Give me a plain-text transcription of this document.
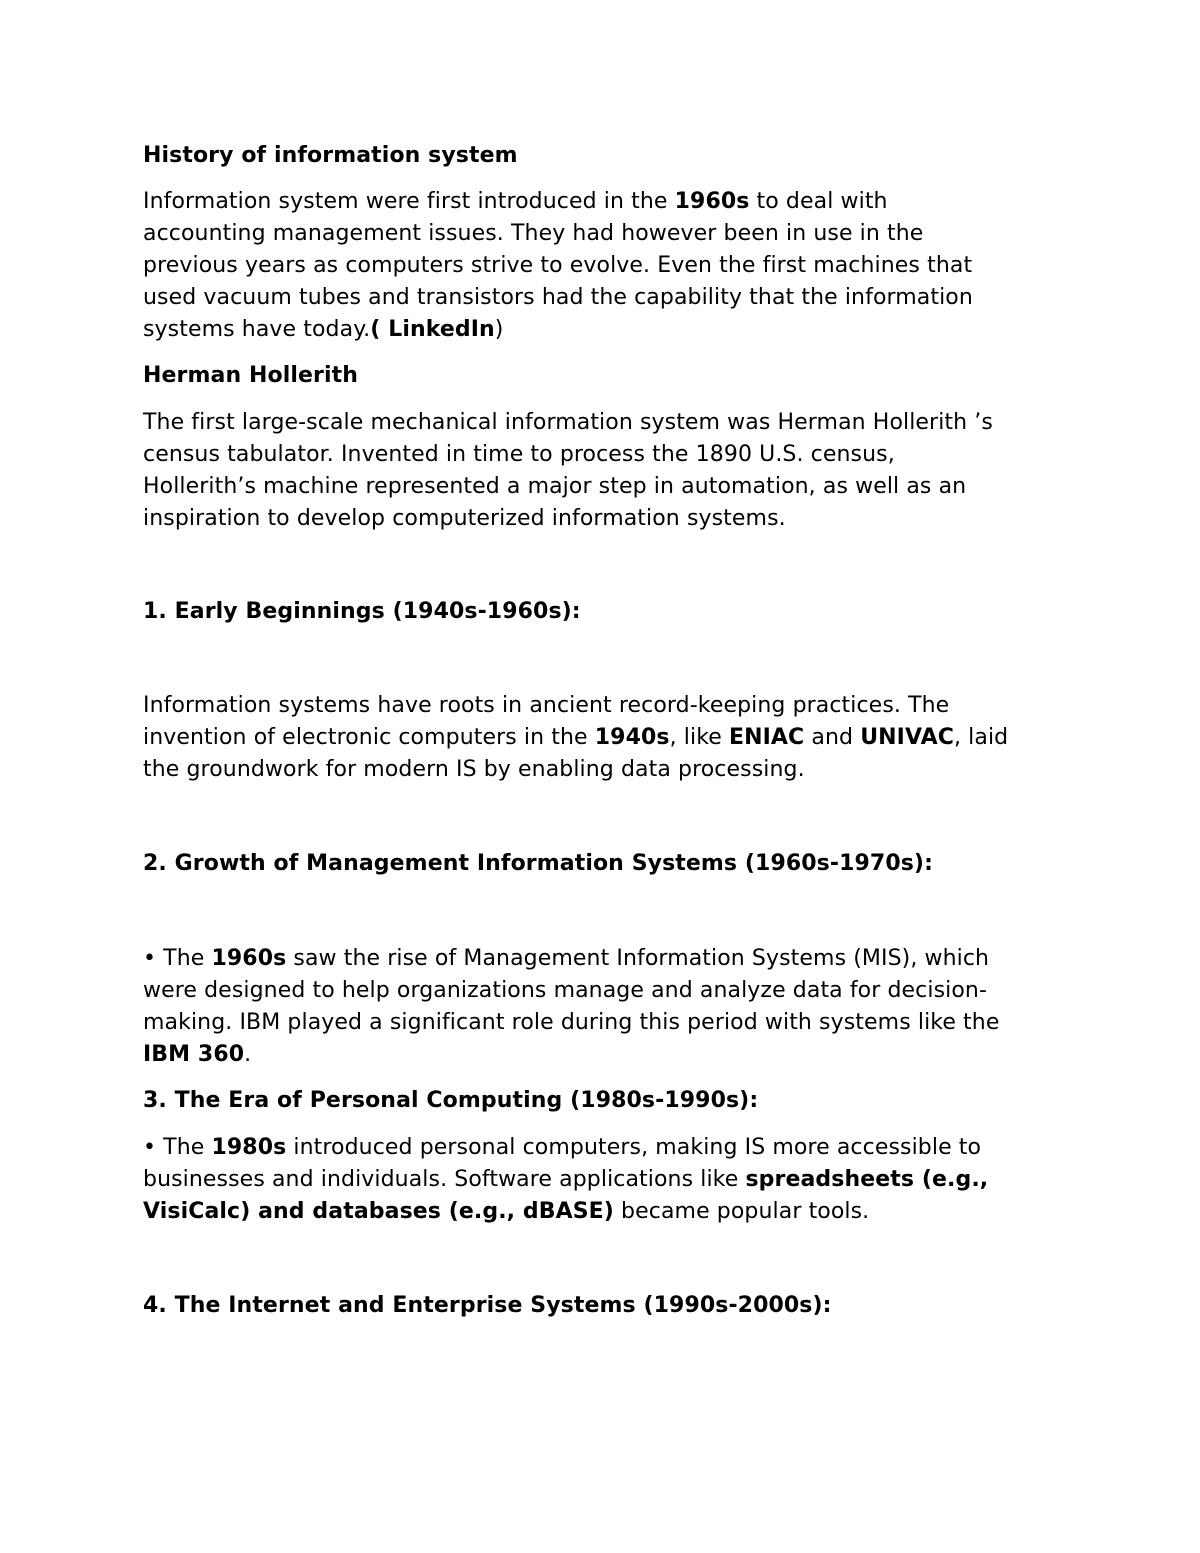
History of information system
Information system were first introduced in the 1960s to deal with
accounting management issues. They had however been in use in the
previous years as computers strive to evolve. Even the first machines that
used vacuum tubes and transistors had the capability that the information
systems have today.( LinkedIn)
Herman Hollerith
The first large-scale mechanical information system was Herman Hollerith ’s
census tabulator. Invented in time to process the 1890 U.S. census,
Hollerith’s machine represented a major step in automation, as well as an
inspiration to develop computerized information systems.
1. Early Beginnings (1940s-1960s):
Information systems have roots in ancient record-keeping practices. The
invention of electronic computers in the 1940s, like ENIAC and UNIVAC, laid
the groundwork for modern IS by enabling data processing.
2. Growth of Management Information Systems (1960s-1970s):
• The 1960s saw the rise of Management Information Systems (MIS), which
were designed to help organizations manage and analyze data for decision-
making. IBM played a significant role during this period with systems like the
IBM 360.
3. The Era of Personal Computing (1980s-1990s):
• The 1980s introduced personal computers, making IS more accessible to
businesses and individuals. Software applications like spreadsheets (e.g.,
VisiCalc) and databases (e.g., dBASE) became popular tools.
4. The Internet and Enterprise Systems (1990s-2000s):
